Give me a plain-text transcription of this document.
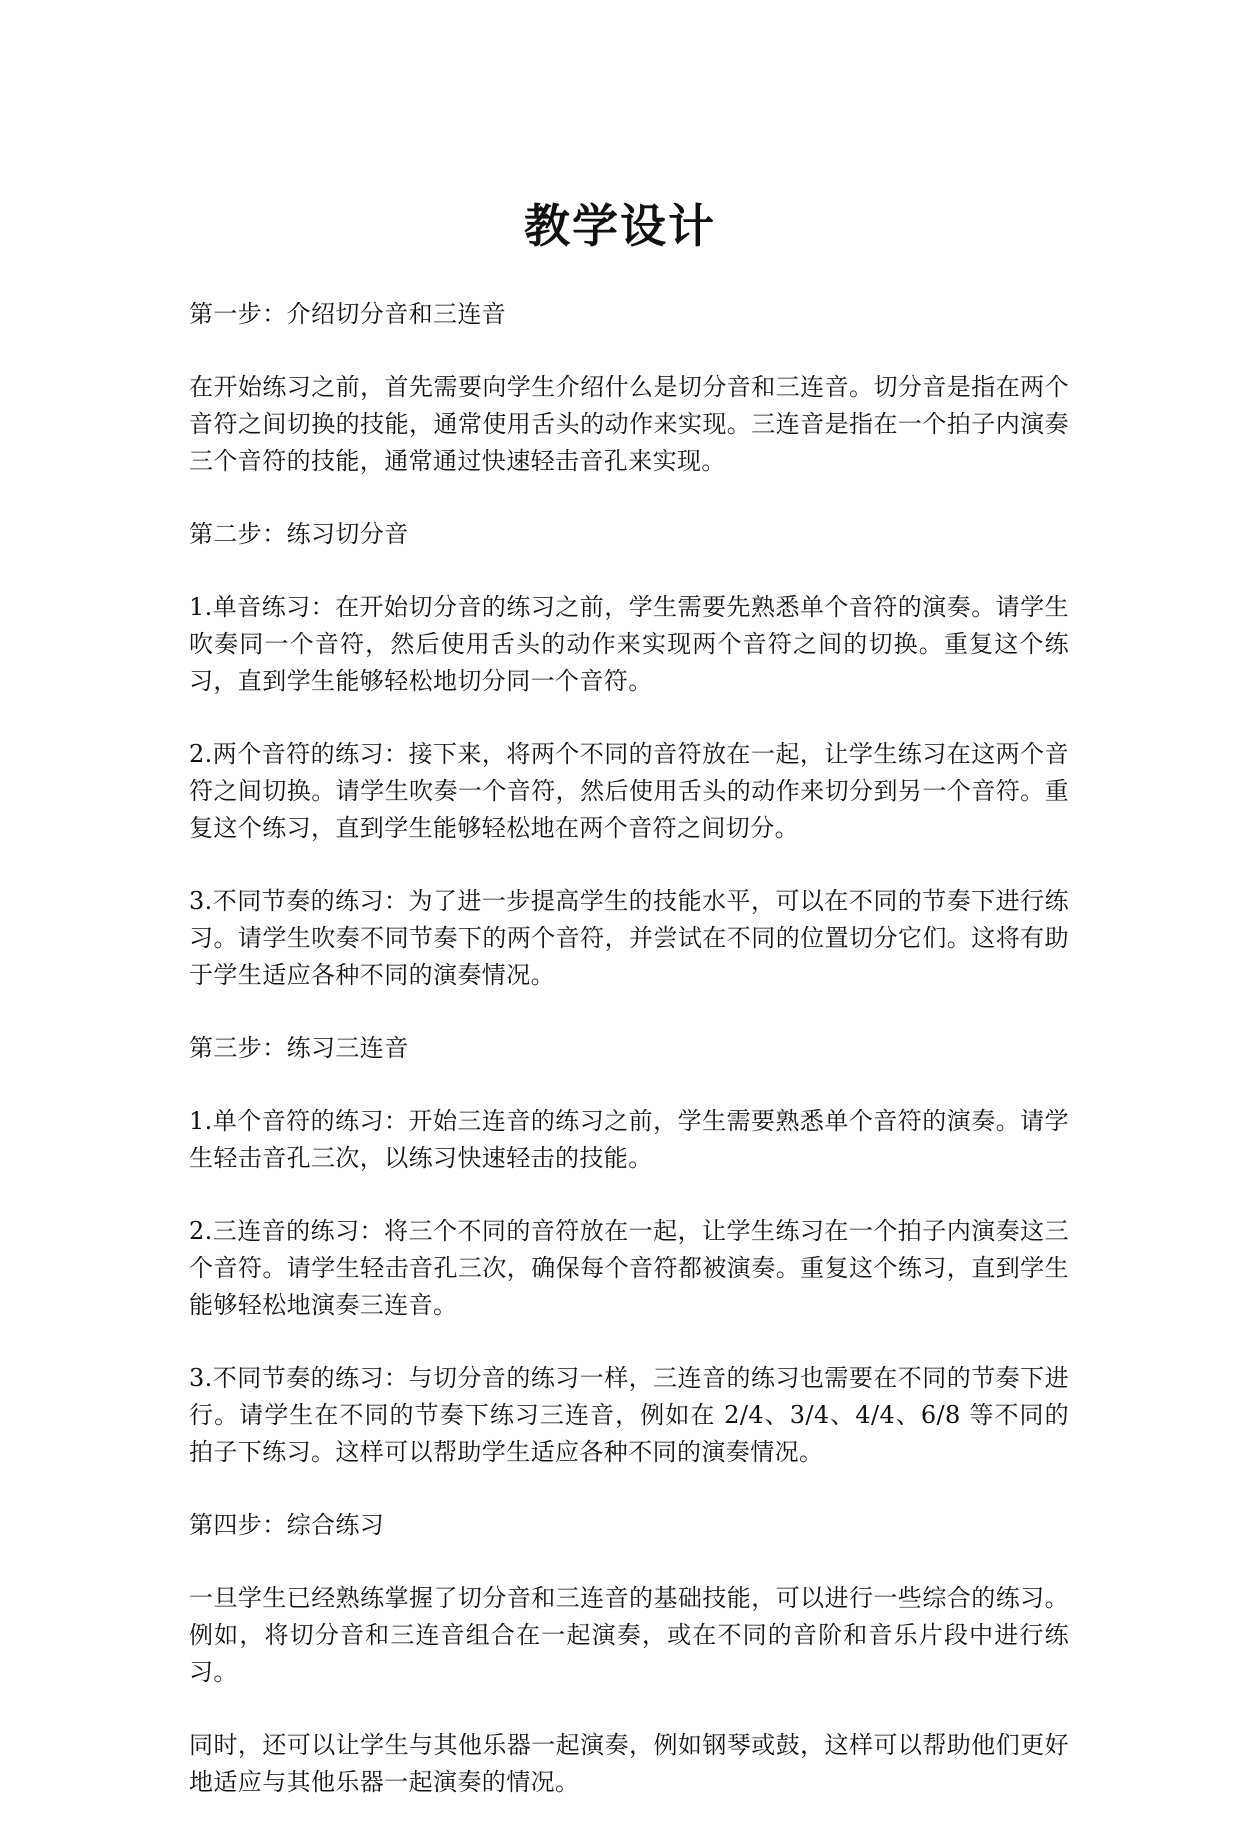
教学设计

第一步：介绍切分音和三连音

在开始练习之前，首先需要向学生介绍什么是切分音和三连音。切分音是指在两个音符之间切换的技能，通常使用舌头的动作来实现。三连音是指在一个拍子内演奏三个音符的技能，通常通过快速轻击音孔来实现。

第二步：练习切分音

1.单音练习：在开始切分音的练习之前，学生需要先熟悉单个音符的演奏。请学生吹奏同一个音符，然后使用舌头的动作来实现两个音符之间的切换。重复这个练习，直到学生能够轻松地切分同一个音符。

2.两个音符的练习：接下来，将两个不同的音符放在一起，让学生练习在这两个音符之间切换。请学生吹奏一个音符，然后使用舌头的动作来切分到另一个音符。重复这个练习，直到学生能够轻松地在两个音符之间切分。

3.不同节奏的练习：为了进一步提高学生的技能水平，可以在不同的节奏下进行练习。请学生吹奏不同节奏下的两个音符，并尝试在不同的位置切分它们。这将有助于学生适应各种不同的演奏情况。

第三步：练习三连音

1.单个音符的练习：开始三连音的练习之前，学生需要熟悉单个音符的演奏。请学生轻击音孔三次，以练习快速轻击的技能。

2.三连音的练习：将三个不同的音符放在一起，让学生练习在一个拍子内演奏这三个音符。请学生轻击音孔三次，确保每个音符都被演奏。重复这个练习，直到学生能够轻松地演奏三连音。

3.不同节奏的练习：与切分音的练习一样，三连音的练习也需要在不同的节奏下进行。请学生在不同的节奏下练习三连音，例如在 2/4、3/4、4/4、6/8 等不同的拍子下练习。这样可以帮助学生适应各种不同的演奏情况。

第四步：综合练习

一旦学生已经熟练掌握了切分音和三连音的基础技能，可以进行一些综合的练习。例如，将切分音和三连音组合在一起演奏，或在不同的音阶和音乐片段中进行练习。

同时，还可以让学生与其他乐器一起演奏，例如钢琴或鼓，这样可以帮助他们更好地适应与其他乐器一起演奏的情况。
